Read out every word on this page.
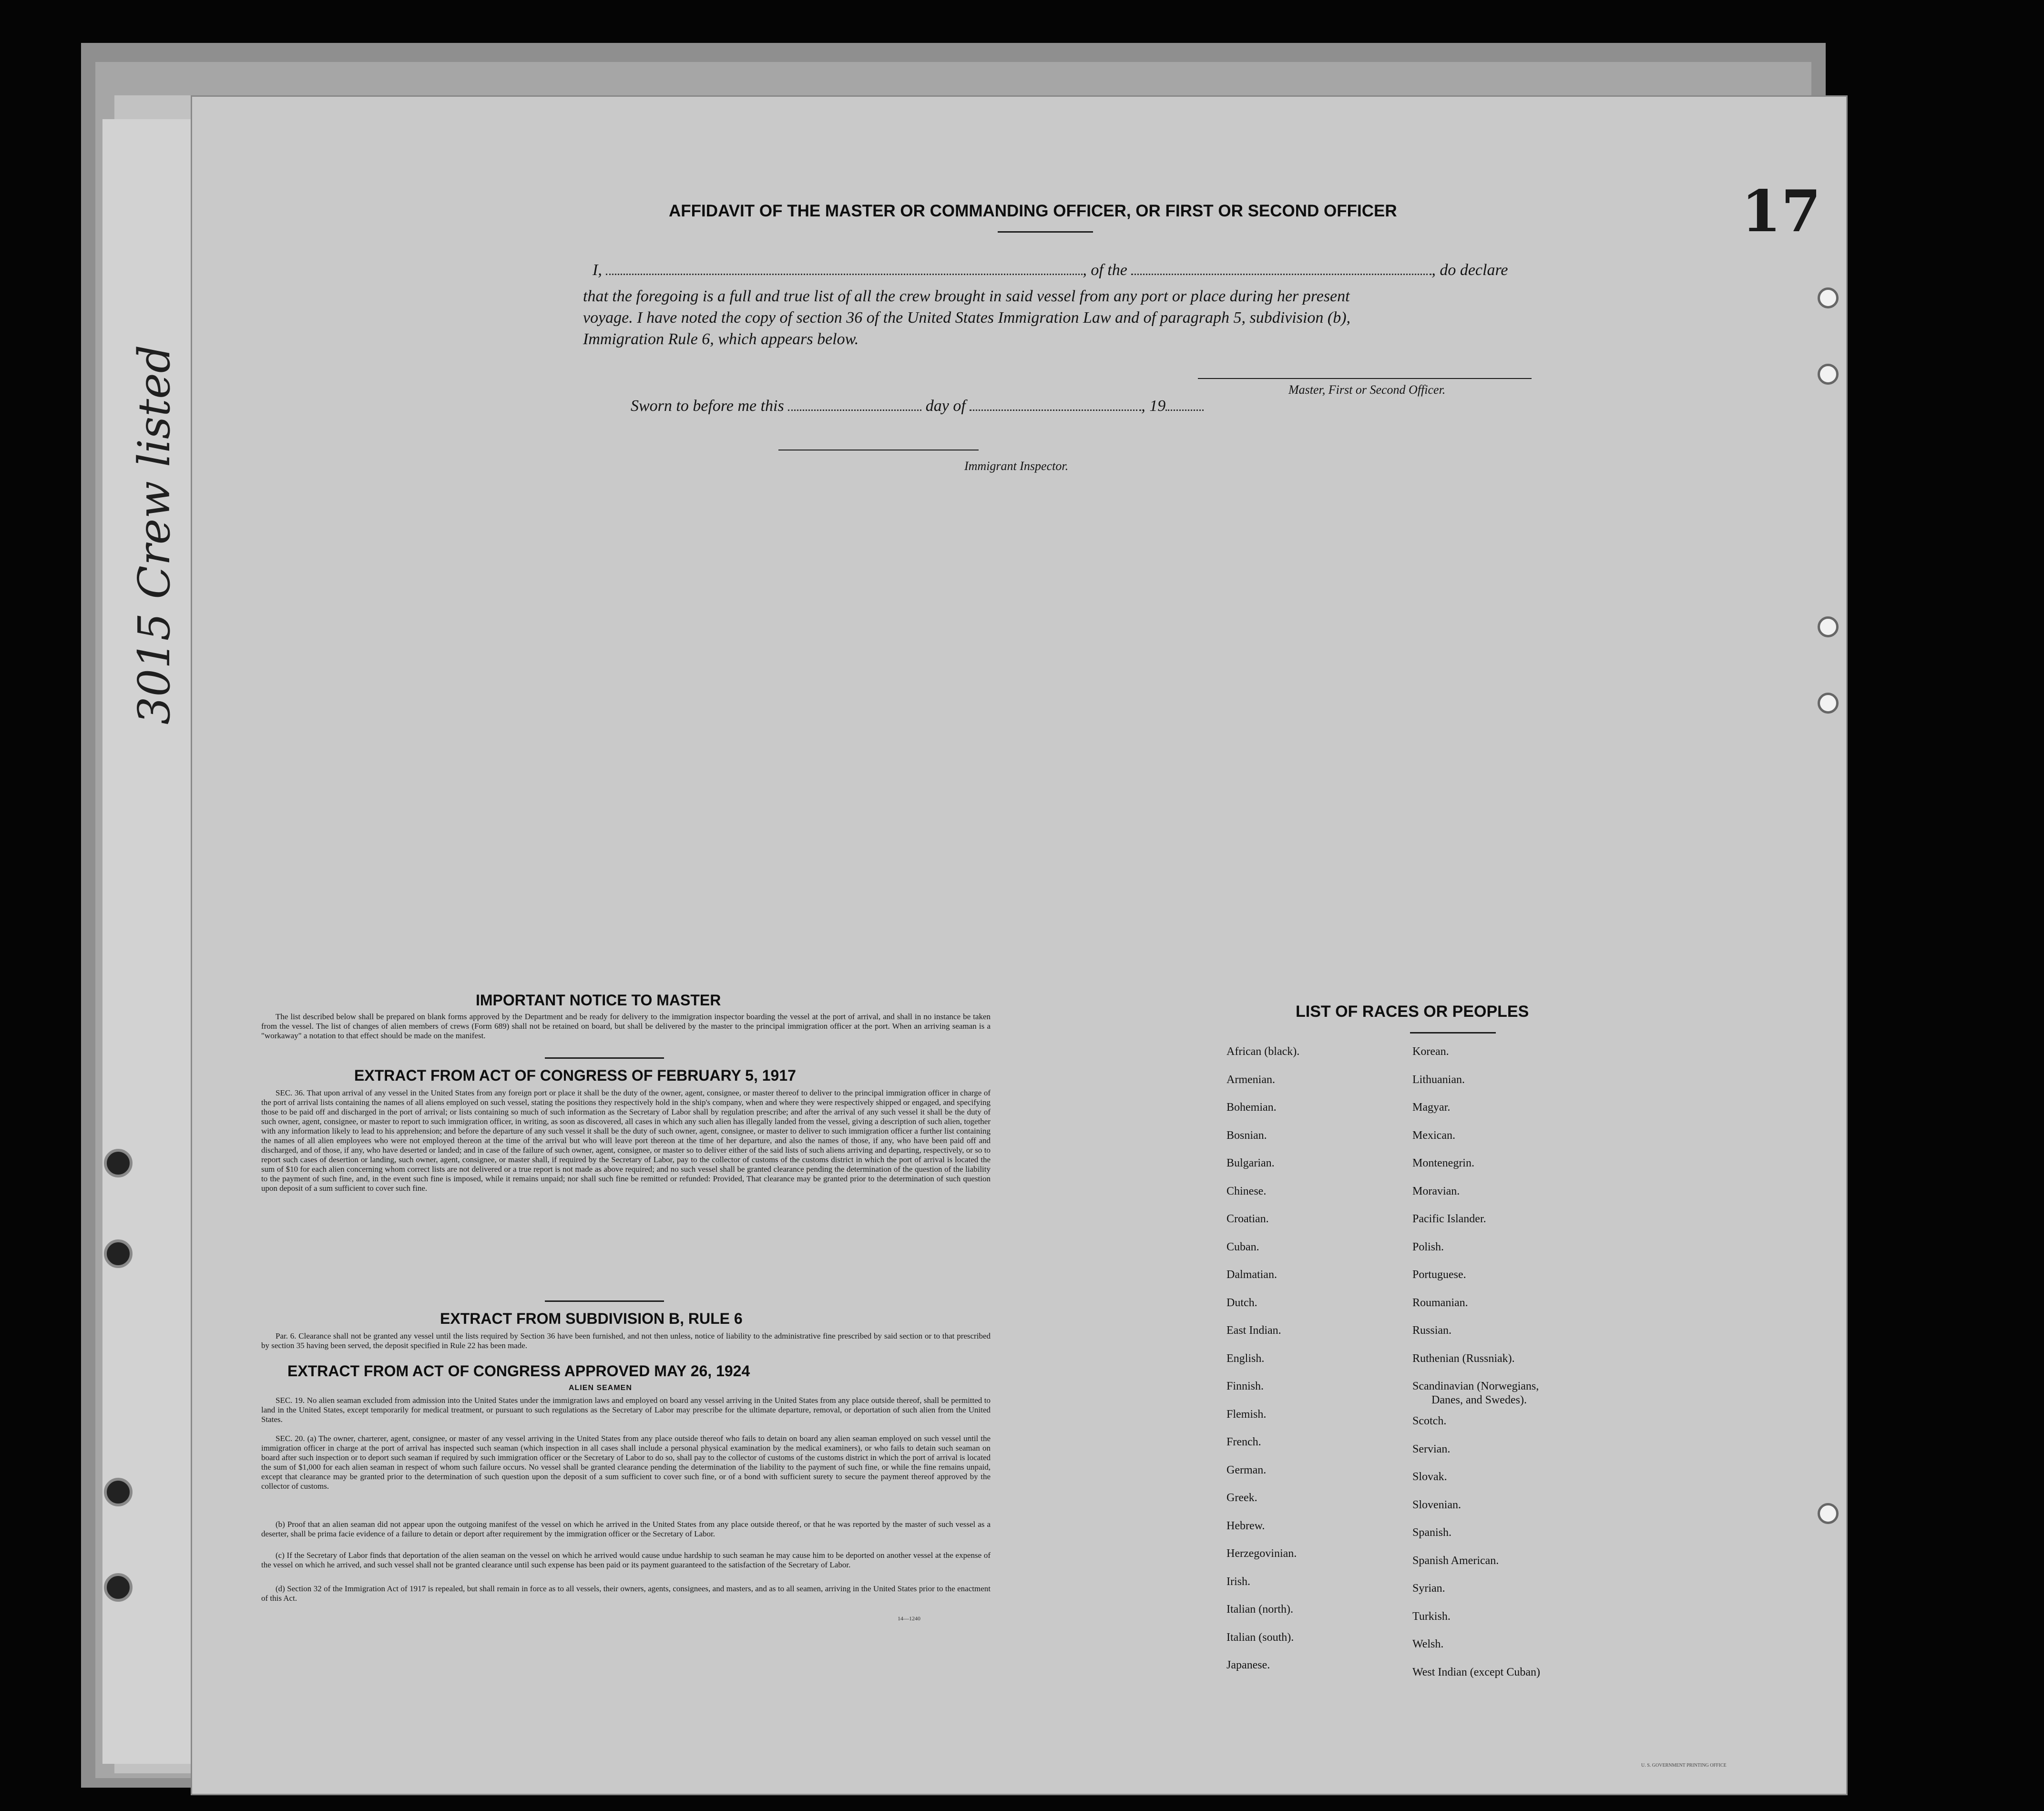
3015 Crew listed
17
AFFIDAVIT OF THE MASTER OR COMMANDING OFFICER, OR FIRST OR SECOND OFFICER
I,	, of the	, do declare
that the foregoing is a full and true list of all the crew brought in said vessel from any port or place during her present
voyage. I have noted the copy of section 36 of the United States Immigration Law and of paragraph 5, subdivision (b),
Immigration Rule 6, which appears below.
Master, First or Second Officer.
Sworn to before me this	day of	, 19
Immigrant Inspector.
IMPORTANT NOTICE TO MASTER
The list described below shall be prepared on blank forms approved by the Department and be ready for delivery to the immigration inspector boarding the vessel at the port of arrival, and shall in no instance be taken from the vessel. The list of changes of alien members of crews (Form 689) shall not be retained on board, but shall be delivered by the master to the principal immigration officer at the port. When an arriving seaman is a "workaway" a notation to that effect should be made on the manifest.
EXTRACT FROM ACT OF CONGRESS OF FEBRUARY 5, 1917
SEC. 36. That upon arrival of any vessel in the United States from any foreign port or place it shall be the duty of the owner, agent, consignee, or master thereof to deliver to the principal immigration officer in charge of the port of arrival lists containing the names of all aliens employed on such vessel, stating the positions they respectively hold in the ship's company, when and where they were respectively shipped or engaged, and specifying those to be paid off and discharged in the port of arrival; or lists containing so much of such information as the Secretary of Labor shall by regulation prescribe; and after the arrival of any such vessel it shall be the duty of such owner, agent, consignee, or master to report to such immigration officer, in writing, as soon as discovered, all cases in which any such alien has illegally landed from the vessel, giving a description of such alien, together with any information likely to lead to his apprehension; and before the departure of any such vessel it shall be the duty of such owner, agent, consignee, or master to deliver to such immigration officer a further list containing the names of all alien employees who were not employed thereon at the time of the arrival but who will leave port thereon at the time of her departure, and also the names of those, if any, who have been paid off and discharged, and of those, if any, who have deserted or landed; and in case of the failure of such owner, agent, consignee, or master so to deliver either of the said lists of such aliens arriving and departing, respectively, or so to report such cases of desertion or landing, such owner, agent, consignee, or master shall, if required by the Secretary of Labor, pay to the collector of customs of the customs district in which the port of arrival is located the sum of $10 for each alien concerning whom correct lists are not delivered or a true report is not made as above required; and no such vessel shall be granted clearance pending the determination of the question of the liability to the payment of such fine, and, in the event such fine is imposed, while it remains unpaid; nor shall such fine be remitted or refunded: Provided, That clearance may be granted prior to the determination of such question upon deposit of a sum sufficient to cover such fine.
EXTRACT FROM SUBDIVISION B, RULE 6
Par. 6. Clearance shall not be granted any vessel until the lists required by Section 36 have been furnished, and not then unless, notice of liability to the administrative fine prescribed by said section or to that prescribed by section 35 having been served, the deposit specified in Rule 22 has been made.
EXTRACT FROM ACT OF CONGRESS APPROVED MAY 26, 1924
ALIEN SEAMEN
SEC. 19. No alien seaman excluded from admission into the United States under the immigration laws and employed on board any vessel arriving in the United States from any place outside thereof, shall be permitted to land in the United States, except temporarily for medical treatment, or pursuant to such regulations as the Secretary of Labor may prescribe for the ultimate departure, removal, or deportation of such alien from the United States.
SEC. 20. (a) The owner, charterer, agent, consignee, or master of any vessel arriving in the United States from any place outside thereof who fails to detain on board any alien seaman employed on such vessel until the immigration officer in charge at the port of arrival has inspected such seaman (which inspection in all cases shall include a personal physical examination by the medical examiners), or who fails to detain such seaman on board after such inspection or to deport such seaman if required by such immigration officer or the Secretary of Labor to do so, shall pay to the collector of customs of the customs district in which the port of arrival is located the sum of $1,000 for each alien seaman in respect of whom such failure occurs. No vessel shall be granted clearance pending the determination of the liability to the payment of such fine, or while the fine remains unpaid, except that clearance may be granted prior to the determination of such question upon the deposit of a sum sufficient to cover such fine, or of a bond with sufficient surety to secure the payment thereof approved by the collector of customs.
(b) Proof that an alien seaman did not appear upon the outgoing manifest of the vessel on which he arrived in the United States from any place outside thereof, or that he was reported by the master of such vessel as a deserter, shall be prima facie evidence of a failure to detain or deport after requirement by the immigration officer or the Secretary of Labor.
(c) If the Secretary of Labor finds that deportation of the alien seaman on the vessel on which he arrived would cause undue hardship to such seaman he may cause him to be deported on another vessel at the expense of the vessel on which he arrived, and such vessel shall not be granted clearance until such expense has been paid or its payment guaranteed to the satisfaction of the Secretary of Labor.
(d) Section 32 of the Immigration Act of 1917 is repealed, but shall remain in force as to all vessels, their owners, agents, consignees, and masters, and as to all seamen, arriving in the United States prior to the enactment of this Act.
14—1240
LIST OF RACES OR PEOPLES
U. S. GOVERNMENT PRINTING OFFICE
African (black).
Armenian.
Bohemian.
Bosnian.
Bulgarian.
Chinese.
Croatian.
Cuban.
Dalmatian.
Dutch.
East Indian.
English.
Finnish.
Flemish.
French.
German.
Greek.
Hebrew.
Herzegovinian.
Irish.
Italian (north).
Italian (south).
Japanese.
Korean.
Lithuanian.
Magyar.
Mexican.
Montenegrin.
Moravian.
Pacific Islander.
Polish.
Portuguese.
Roumanian.
Russian.
Ruthenian (Russniak).
Scandinavian (Norwegians,
Danes, and Swedes).
Scotch.
Servian.
Slovak.
Slovenian.
Spanish.
Spanish American.
Syrian.
Turkish.
Welsh.
West Indian (except Cuban)
